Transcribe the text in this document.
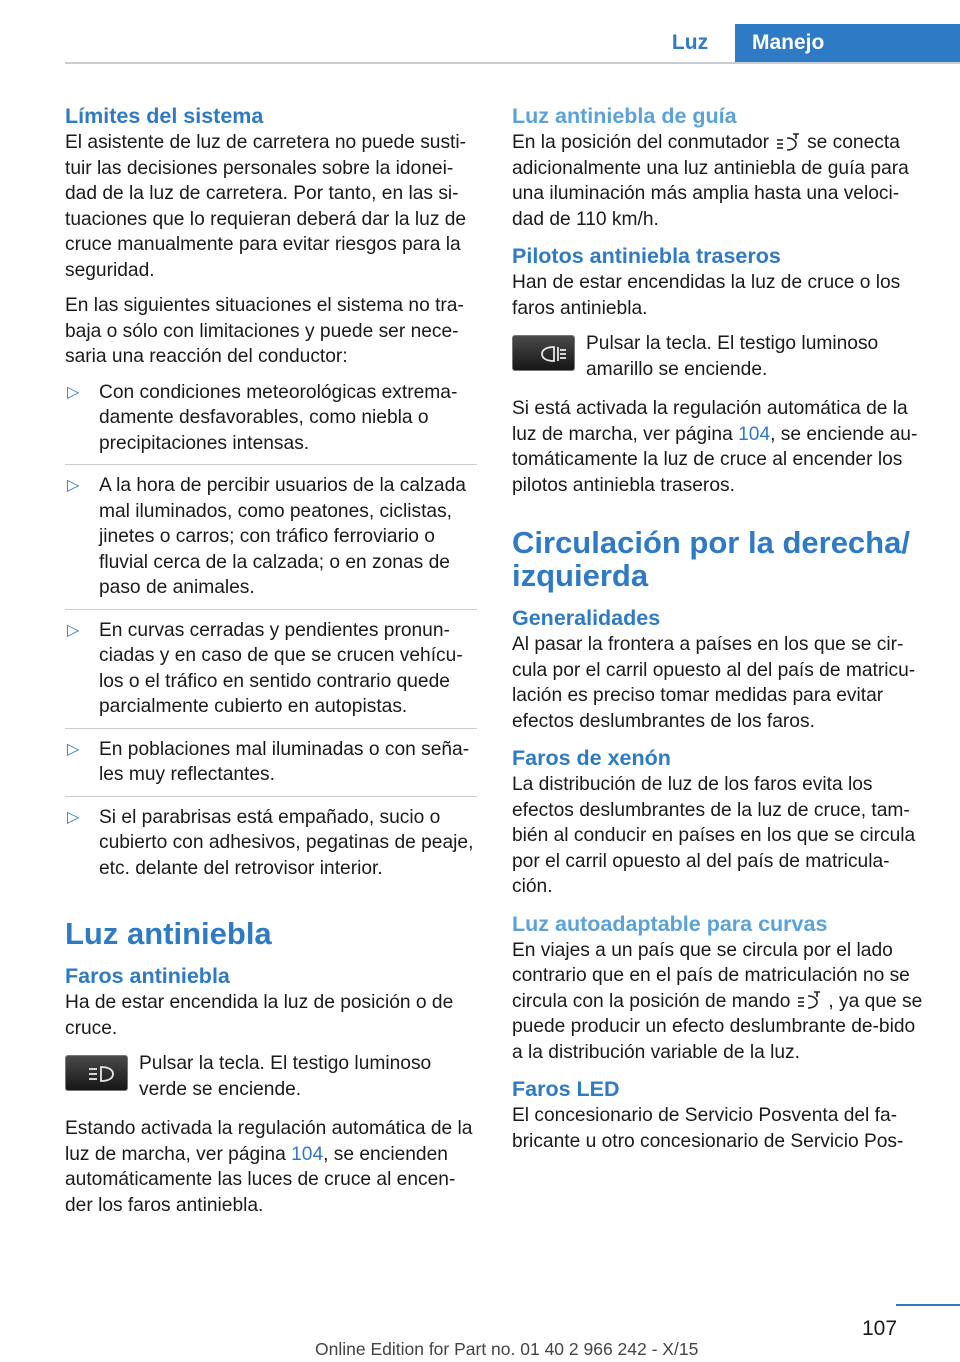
Luz	Manejo
Límites del sistema

El asistente de luz de carretera no puede susti-tuir las decisiones personales sobre la idonei-dad de la luz de carretera. Por tanto, en las si-tuaciones que lo requieran deberá dar la luz de cruce manualmente para evitar riesgos para la seguridad.

En las siguientes situaciones el sistema no tra-baja o sólo con limitaciones y puede ser nece-saria una reacción del conductor:

▷ Con condiciones meteorológicas extrema-damente desfavorables, como niebla o precipitaciones intensas.
▷ A la hora de percibir usuarios de la calzada mal iluminados, como peatones, ciclistas, jinetes o carros; con tráfico ferroviario o fluvial cerca de la calzada; o en zonas de paso de animales.
▷ En curvas cerradas y pendientes pronun-ciadas y en caso de que se crucen vehícu-los o el tráfico en sentido contrario quede parcialmente cubierto en autopistas.
▷ En poblaciones mal iluminadas o con seña-les muy reflectantes.
▷ Si el parabrisas está empañado, sucio o cubierto con adhesivos, pegatinas de peaje, etc. delante del retrovisor interior.
Luz antiniebla
Faros antiniebla

Ha de estar encendida la luz de posición o de cruce.

Pulsar la tecla. El testigo luminoso verde se enciende.

Estando activada la regulación automática de la luz de marcha, ver página 104, se encienden automáticamente las luces de cruce al encen-der los faros antiniebla.

Luz antiniebla de guía

En la posición del conmutador se conecta adicionalmente una luz antiniebla de guía para una iluminación más amplia hasta una veloci-dad de 110 km/h.

Pilotos antiniebla traseros

Han de estar encendidas la luz de cruce o los faros antiniebla.

Pulsar la tecla. El testigo luminoso amarillo se enciende.

Si está activada la regulación automática de la luz de marcha, ver página 104, se enciende au-tomáticamente la luz de cruce al encender los pilotos antiniebla traseros.

Circulación por la derecha/ izquierda
Generalidades

Al pasar la frontera a países en los que se cir-cula por el carril opuesto al del país de matricu-lación es preciso tomar medidas para evitar efectos deslumbrantes de los faros.

Faros de xenón

La distribución de luz de los faros evita los efectos deslumbrantes de la luz de cruce, tam-bién al conducir en países en los que se circula por el carril opuesto al del país de matricula-ción.

Luz autoadaptable para curvas

En viajes a un país que se circula por el lado contrario que en el país de matriculación no se circula con la posición de mando , ya que se puede producir un efecto deslumbrante de-bido a la distribución variable de la luz.

Faros LED

El concesionario de Servicio Posventa del fa-bricante u otro concesionario de Servicio Pos-

107
Online Edition for Part no. 01 40 2 966 242 - X/15
